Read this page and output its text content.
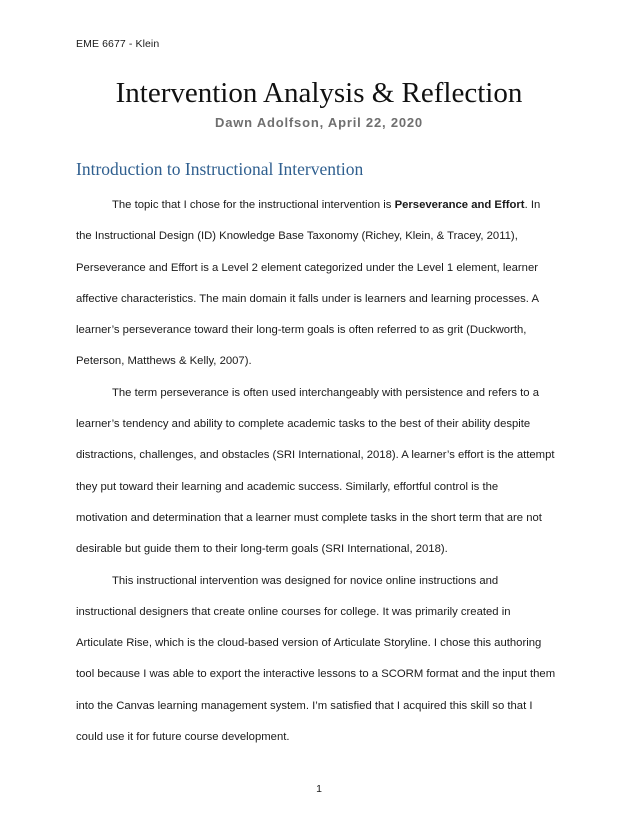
EME 6677 - Klein
Intervention Analysis & Reflection
Dawn Adolfson, April 22, 2020
Introduction to Instructional Intervention
The topic that I chose for the instructional intervention is Perseverance and Effort. In
the Instructional Design (ID) Knowledge Base Taxonomy (Richey, Klein, & Tracey, 2011),
Perseverance and Effort is a Level 2 element categorized under the Level 1 element, learner
affective characteristics. The main domain it falls under is learners and learning processes. A
learner’s perseverance toward their long-term goals is often referred to as grit (Duckworth,
Peterson, Matthews & Kelly, 2007).
The term perseverance is often used interchangeably with persistence and refers to a
learner’s tendency and ability to complete academic tasks to the best of their ability despite
distractions, challenges, and obstacles (SRI International, 2018). A learner’s effort is the attempt
they put toward their learning and academic success. Similarly, effortful control is the
motivation and determination that a learner must complete tasks in the short term that are not
desirable but guide them to their long-term goals (SRI International, 2018).
This instructional intervention was designed for novice online instructions and
instructional designers that create online courses for college. It was primarily created in
Articulate Rise, which is the cloud-based version of Articulate Storyline. I chose this authoring
tool because I was able to export the interactive lessons to a SCORM format and the input them
into the Canvas learning management system. I’m satisfied that I acquired this skill so that I
could use it for future course development.
1
